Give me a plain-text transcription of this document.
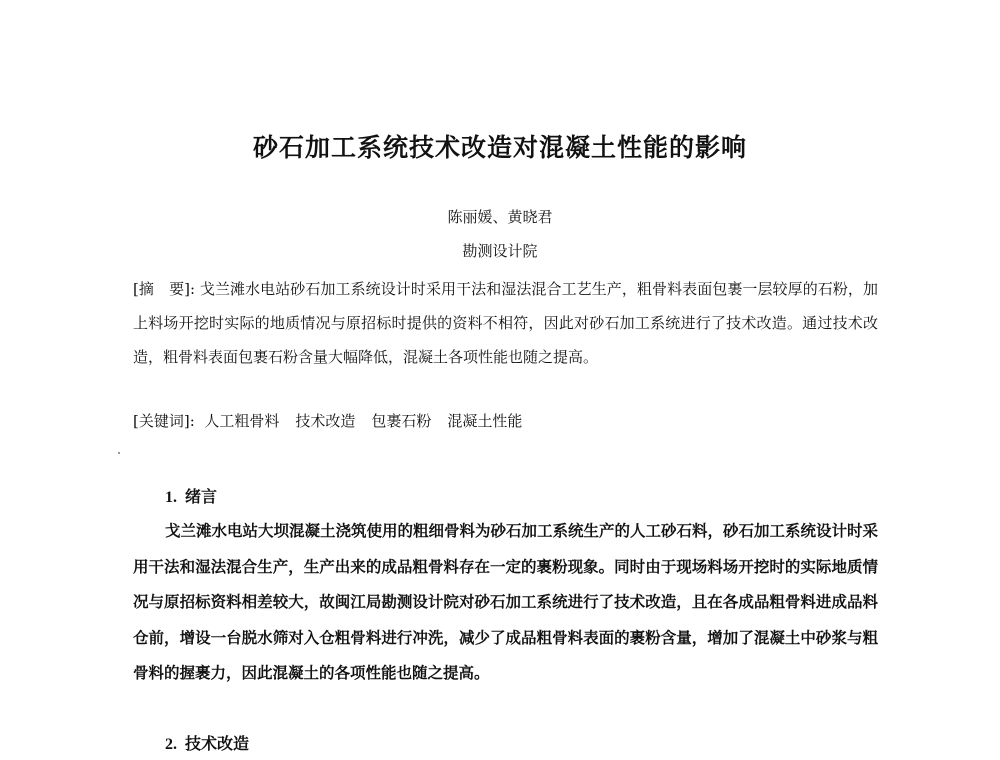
砂石加工系统技术改造对混凝土性能的影响
陈丽媛、黄晓君
勘测设计院

[摘　要]: 戈兰滩水电站砂石加工系统设计时采用干法和湿法混合工艺生产，粗骨料表面包裹一层较厚的石粉，加上料场开挖时实际的地质情况与原招标时提供的资料不相符，因此对砂石加工系统进行了技术改造。通过技术改造，粗骨料表面包裹石粉含量大幅降低，混凝土各项性能也随之提高。

[关键词]: 人工粗骨料 技术改造 包裹石粉 混凝土性能

1. 绪言

戈兰滩水电站大坝混凝土浇筑使用的粗细骨料为砂石加工系统生产的人工砂石料，砂石加工系统设计时采用干法和湿法混合生产，生产出来的成品粗骨料存在一定的裹粉现象。同时由于现场料场开挖时的实际地质情况与原招标资料相差较大，故闽江局勘测设计院对砂石加工系统进行了技术改造，且在各成品粗骨料进成品料仓前，增设一台脱水筛对入仓粗骨料进行冲洗，减少了成品粗骨料表面的裹粉含量，增加了混凝土中砂浆与粗骨料的握裹力，因此混凝土的各项性能也随之提高。

2. 技术改造
